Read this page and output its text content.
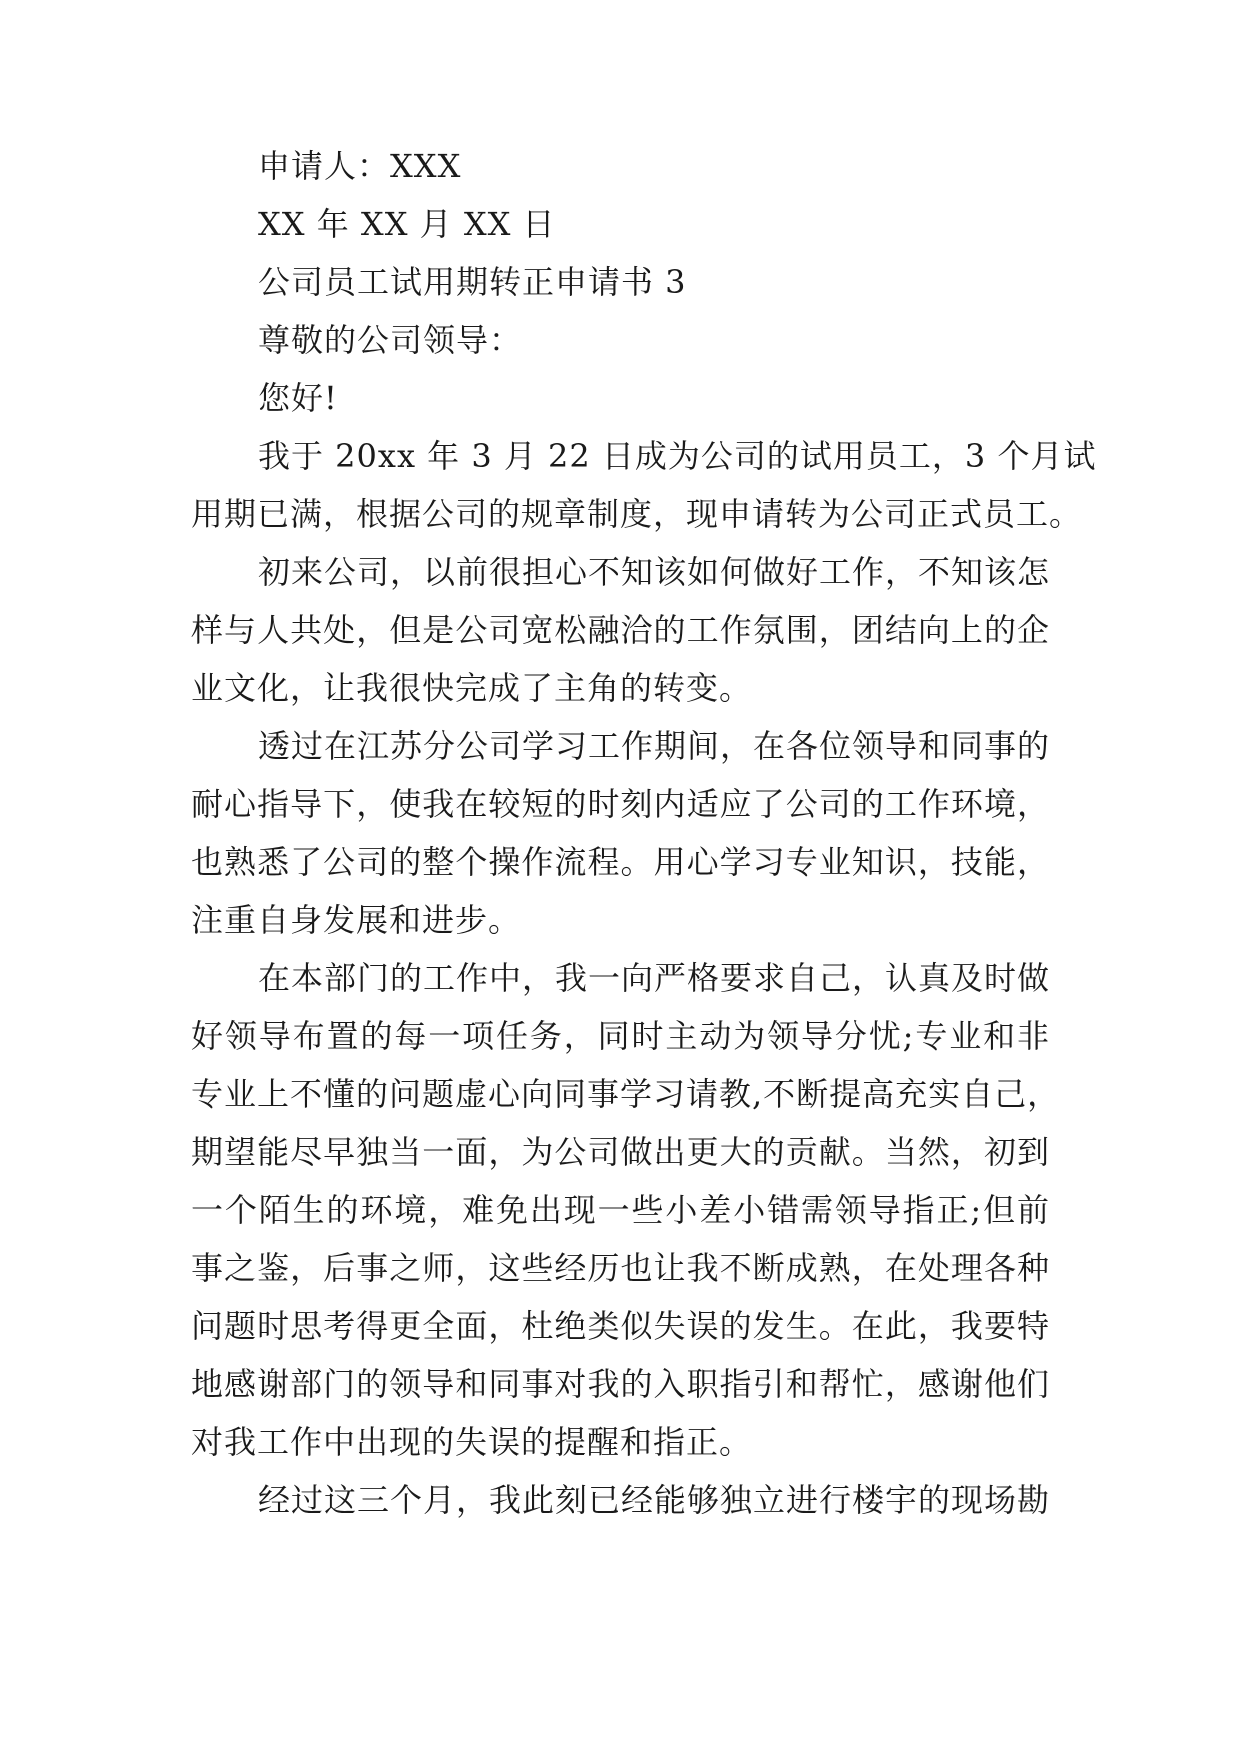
申请人：XXX
XX 年 XX 月 XX 日
公司员工试用期转正申请书 3
尊敬的公司领导：
您好!
我于 20xx 年 3 月 22 日成为公司的试用员工，3 个月试
用期已满，根据公司的规章制度，现申请转为公司正式员工。
初来公司，以前很担心不知该如何做好工作，不知该怎
样与人共处，但是公司宽松融洽的工作氛围，团结向上的企
业文化，让我很快完成了主角的转变。
透过在江苏分公司学习工作期间，在各位领导和同事的
耐心指导下，使我在较短的时刻内适应了公司的工作环境，
也熟悉了公司的整个操作流程。用心学习专业知识，技能，
注重自身发展和进步。
在本部门的工作中，我一向严格要求自己，认真及时做
好领导布置的每一项任务，同时主动为领导分忧;专业和非
专业上不懂的问题虚心向同事学习请教,不断提高充实自己，
期望能尽早独当一面，为公司做出更大的贡献。当然，初到
一个陌生的环境，难免出现一些小差小错需领导指正;但前
事之鉴，后事之师，这些经历也让我不断成熟，在处理各种
问题时思考得更全面，杜绝类似失误的发生。在此，我要特
地感谢部门的领导和同事对我的入职指引和帮忙，感谢他们
对我工作中出现的失误的提醒和指正。
经过这三个月，我此刻已经能够独立进行楼宇的现场勘
